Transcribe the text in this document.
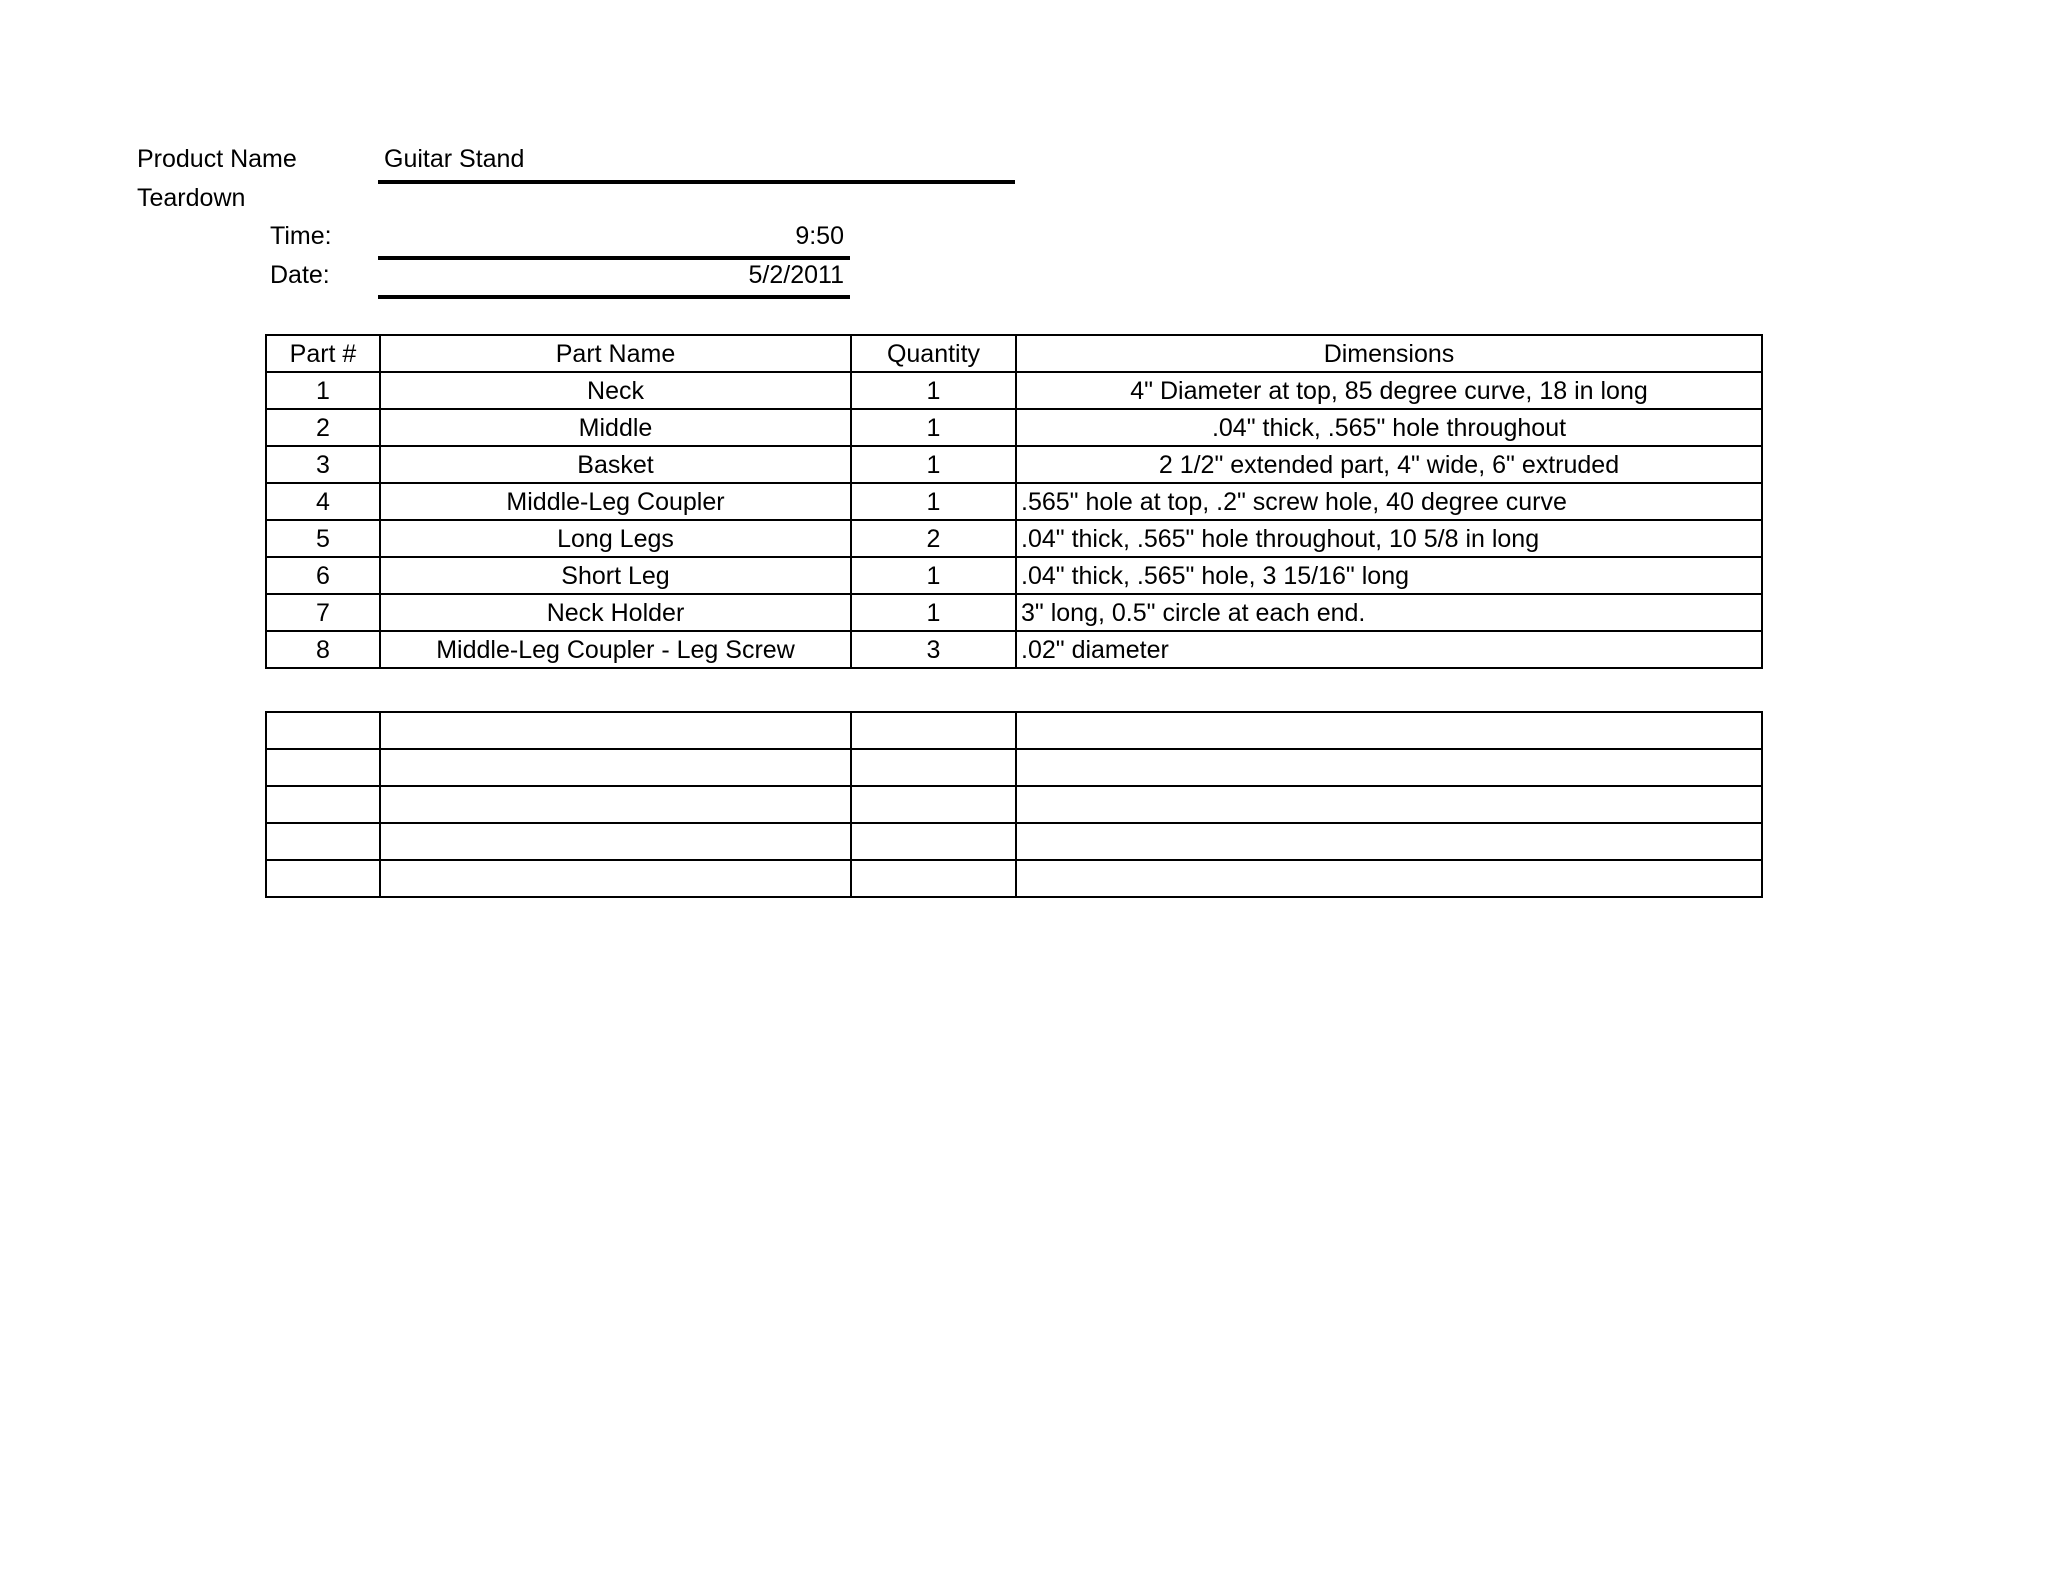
Product Name	Guitar Stand
Teardown
Time:	9:50
Date:	5/2/2011
Part #	Part Name	Quantity	Dimensions
1	Neck	1	4" Diameter at top, 85 degree curve, 18 in long
2	Middle	1	.04" thick, .565" hole throughout
3	Basket	1	2 1/2" extended part, 4" wide, 6" extruded
4	Middle-Leg Coupler	1	.565" hole at top, .2" screw hole, 40 degree curve
5	Long Legs	2	.04" thick, .565" hole throughout, 10 5/8 in long
6	Short Leg	1	.04" thick, .565" hole, 3 15/16" long
7	Neck Holder	1	3" long, 0.5" circle at each end.
8	Middle-Leg Coupler - Leg Screw	3	.02" diameter
